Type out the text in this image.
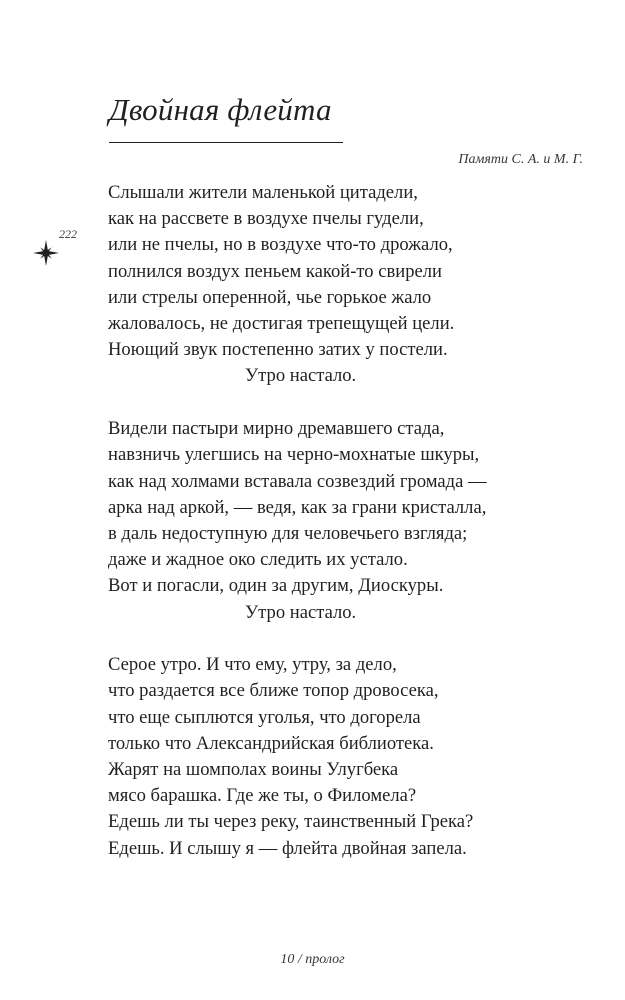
Двойная флейта
Памяти С. А. и М. Г.
222
Слышали жители маленькой цитадели,
как на рассвете в воздухе пчелы гудели,
или не пчелы, но в воздухе что-то дрожало,
полнился воздух пеньем какой-то свирели
или стрелы оперенной, чье горькое жало
жаловалось, не достигая трепещущей цели.
Ноющий звук постепенно затих у постели.
Утро настало.
Видели пастыри мирно дремавшего стада,
навзничь улегшись на черно-мохнатые шкуры,
как над холмами вставала созвездий громада —
арка над аркой, — ведя, как за грани кристалла,
в даль недоступную для человечьего взгляда;
даже и жадное око следить их устало.
Вот и погасли, один за другим, Диоскуры.
Утро настало.
Серое утро. И что ему, утру, за дело,
что раздается все ближе топор дровосека,
что еще сыплются уголья, что догорела
только что Александрийская библиотека.
Жарят на шомполах воины Улугбека
мясо барашка. Где же ты, о Филомела?
Едешь ли ты через реку, таинственный Грека?
Едешь. И слышу я — флейта двойная запела.
10 / пролог
